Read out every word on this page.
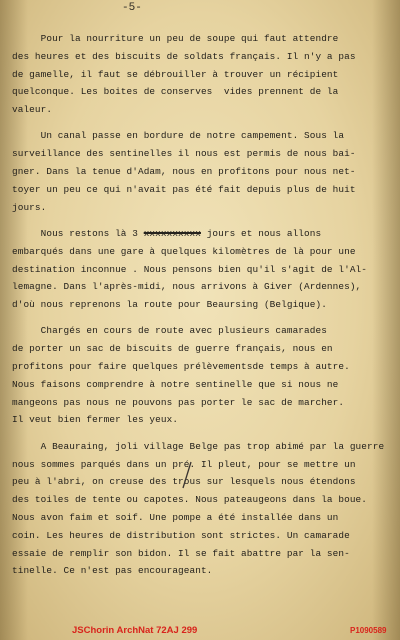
-5-
Pour la nourriture un peu de soupe qui faut attendre
des heures et des biscuits de soldats français. Il n'y a pas
de gamelle, il faut se débrouiller à trouver un récipient
quelconque. Les boites de conserves  vides prennent de la
valeur.
Un canal passe en bordure de notre campement. Sous la
surveillance des sentinelles il nous est permis de nous bai-
gner. Dans la tenue d'Adam, nous en profitons pour nous net-
toyer un peu ce qui n'avait pas été fait depuis plus de huit
jours.
Nous restons là 3 xxxxxxxxxx jours et nous allons
embarqués dans une gare à quelques kilomètres de là pour une
destination inconnue . Nous pensons bien qu'il s'agit de l'Al-
lemagne. Dans l'après-midi, nous arrivons à Giver (Ardennes),
d'où nous reprenons la route pour Beaursing (Belgique).
Chargés en cours de route avec plusieurs camarades
de porter un sac de biscuits de guerre français, nous en
profitons pour faire quelques prélèvementsde temps à autre.
Nous faisons comprendre à notre sentinelle que si nous ne
mangeons pas nous ne pouvons pas porter le sac de marcher.
Il veut bien fermer les yeux.
A Beauraing, joli village Belge pas trop abimé par la guerre
nous sommes parqués dans un pré. Il pleut, pour se mettre un
peu à l'abri, on creuse des trous sur lesquels nous étendons
des toiles de tente ou capotes. Nous pateaugeons dans la boue.
Nous avon faim et soif. Une pompe a été installée dans un
coin. Les heures de distribution sont strictes. Un camarade
essaie de remplir son bidon. Il se fait abattre par la sen-
tinelle. Ce n'est pas encourageant.
JSChorin ArchNat 72AJ 299	P1090589
